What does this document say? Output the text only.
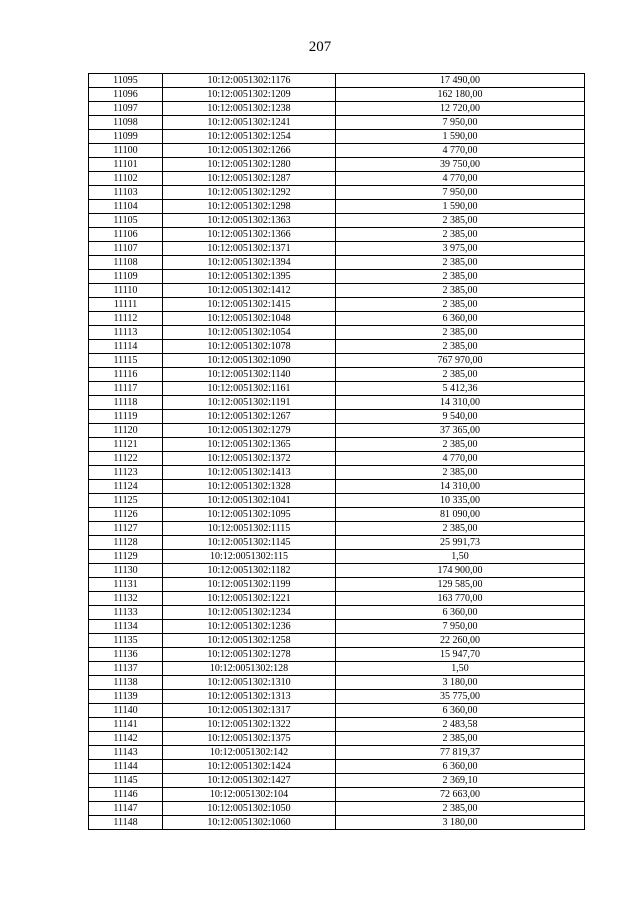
207
11095	10:12:0051302:1176	17 490,00
11096	10:12:0051302:1209	162 180,00
11097	10:12:0051302:1238	12 720,00
11098	10:12:0051302:1241	7 950,00
11099	10:12:0051302:1254	1 590,00
11100	10:12:0051302:1266	4 770,00
11101	10:12:0051302:1280	39 750,00
11102	10:12:0051302:1287	4 770,00
11103	10:12:0051302:1292	7 950,00
11104	10:12:0051302:1298	1 590,00
11105	10:12:0051302:1363	2 385,00
11106	10:12:0051302:1366	2 385,00
11107	10:12:0051302:1371	3 975,00
11108	10:12:0051302:1394	2 385,00
11109	10:12:0051302:1395	2 385,00
11110	10:12:0051302:1412	2 385,00
11111	10:12:0051302:1415	2 385,00
11112	10:12:0051302:1048	6 360,00
11113	10:12:0051302:1054	2 385,00
11114	10:12:0051302:1078	2 385,00
11115	10:12:0051302:1090	767 970,00
11116	10:12:0051302:1140	2 385,00
11117	10:12:0051302:1161	5 412,36
11118	10:12:0051302:1191	14 310,00
11119	10:12:0051302:1267	9 540,00
11120	10:12:0051302:1279	37 365,00
11121	10:12:0051302:1365	2 385,00
11122	10:12:0051302:1372	4 770,00
11123	10:12:0051302:1413	2 385,00
11124	10:12:0051302:1328	14 310,00
11125	10:12:0051302:1041	10 335,00
11126	10:12:0051302:1095	81 090,00
11127	10:12:0051302:1115	2 385,00
11128	10:12:0051302:1145	25 991,73
11129	10:12:0051302:115	1,50
11130	10:12:0051302:1182	174 900,00
11131	10:12:0051302:1199	129 585,00
11132	10:12:0051302:1221	163 770,00
11133	10:12:0051302:1234	6 360,00
11134	10:12:0051302:1236	7 950,00
11135	10:12:0051302:1258	22 260,00
11136	10:12:0051302:1278	15 947,70
11137	10:12:0051302:128	1,50
11138	10:12:0051302:1310	3 180,00
11139	10:12:0051302:1313	35 775,00
11140	10:12:0051302:1317	6 360,00
11141	10:12:0051302:1322	2 483,58
11142	10:12:0051302:1375	2 385,00
11143	10:12:0051302:142	77 819,37
11144	10:12:0051302:1424	6 360,00
11145	10:12:0051302:1427	2 369,10
11146	10:12:0051302:104	72 663,00
11147	10:12:0051302:1050	2 385,00
11148	10:12:0051302:1060	3 180,00
